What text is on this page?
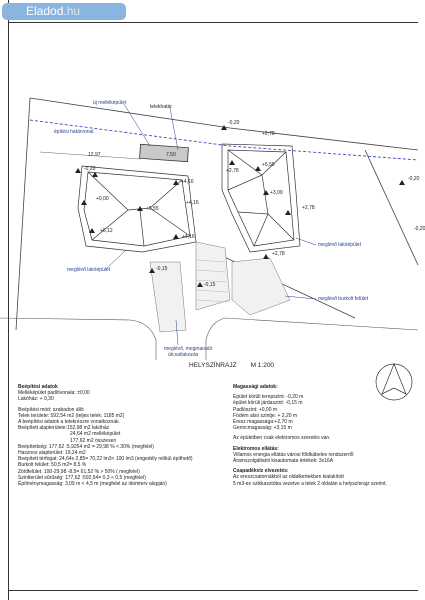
új melléképület
telekhatár
építési határvonal
12,97	7,50
meglévő lakóépület
meglévő lakóépület
meglévő burkolt felület
meglévő, megmaradó
útcsatlakozás
-0,20
+2,78
-0,20
+5,55
+2,78
-0,20
+4,16
+5,55	+2,78
+3,09
+4,16
+0,00
+6,12
+4,16
+2,78
-0,15
-0,15
-0,20
HELYSZÍNRAJZ M 1:200
Beépítési adatok
Melléképület padlóvonala: ±0,00
Lakóház: + 0,30
Beépítési mód: szabadon álló
Telek területe: 592,54 m2 (teljes telek: 1185 m2)
A beépítési adatok a telekrészre vonatkoznak.
Beépített alapterülete:152,98 m2 lakóház
24,64 m2 melléképület
177,62 m2 összesen
Beépítettség: 177,62 :5,9254 m2 = 29,98 % < 30% (megfelel)
Hasznos alapterület: 19,24 m2
Beépített térfogat: 24,64x 2,85= 70,22 lm3< 100 lm3 (engedély nélkül építhető)
Burkolt felület: 50,5 m2= 8,5 %
Zöldfelület: 100-29,98 -8,5= 61,52 % > 50% ( megfelel)
Szintterület sűrűség: 177,62 :592,54= 0,3 < 0,5 (megfelel)
Építménymagasság: 3,09 m < 4,5 m (megfelel az idomterv alapján)
Magassági adatok:
Épület körüli terepszint: -0,20 m
épület körüli járdaszint: -0,15 m
Padlószint: +0,00 m
Födém alsó szintje: + 2,20 m
Eresz magassága:+2,70 m
Gerincmagasság: +3,15 m
Az épületben csak elektromos szerelés van.
Elektromos ellátás:
Villamos energia ellátás városi földkábeles rendszerről
Áramszolgáltatói kisautomata értékek: 3x16A
Csapadékvíz elvezetés:
Az ereszcsatornákból az oldalkertekben kialakított
5 m3-es szikkasztóba vezetve a telek 2 oldalán a helyszínrajz szerint.
Eladod.hu
